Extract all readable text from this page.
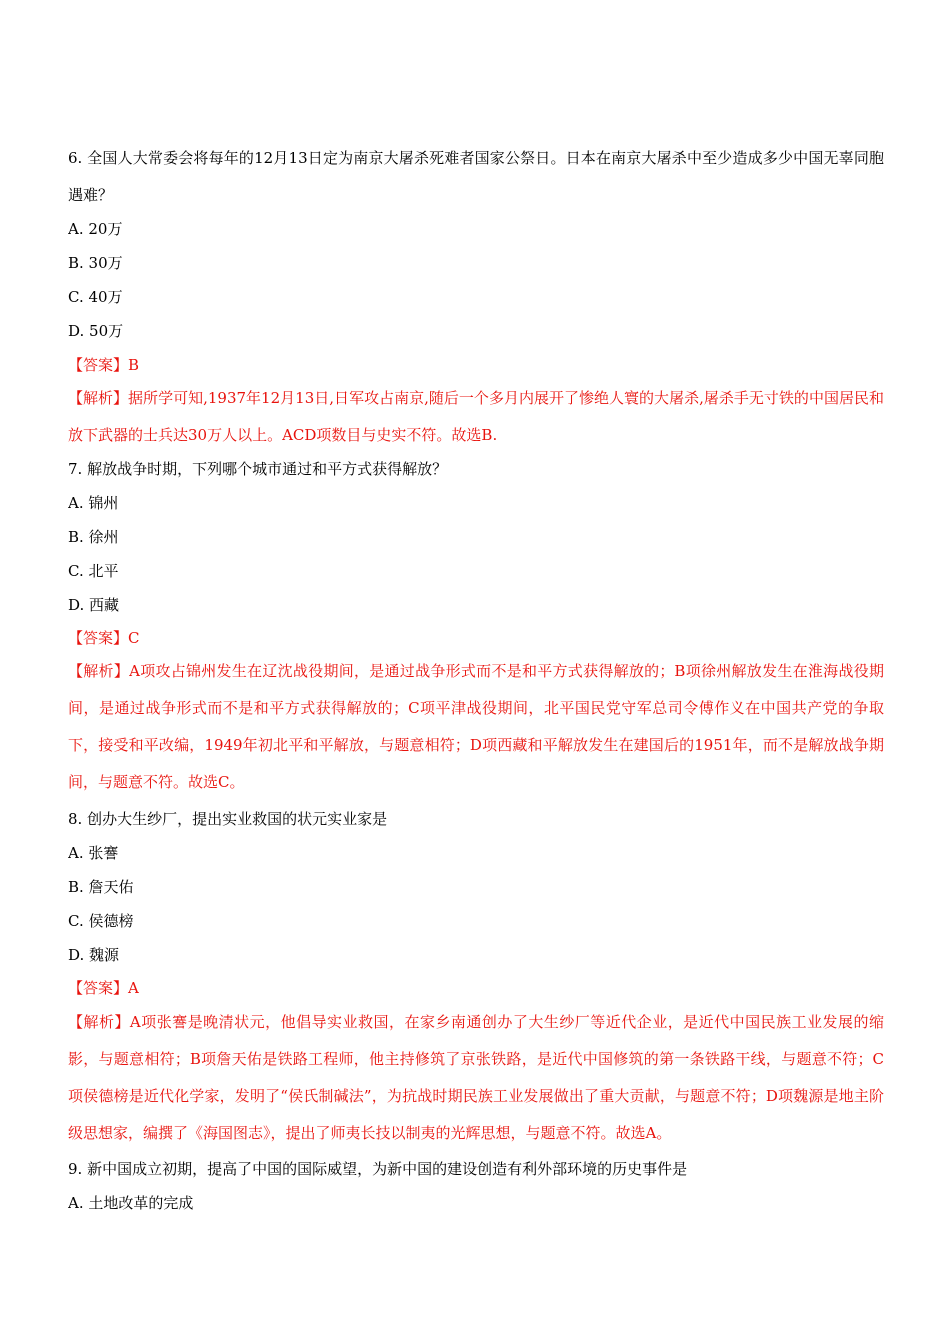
6. 全国人大常委会将每年的12月13日定为南京大屠杀死难者国家公祭日。日本在南京大屠杀中至少造成多少中国无辜同胞遇难？
A. 20万
B. 30万
C. 40万
D. 50万
【答案】B
【解析】据所学可知,1937年12月13日,日军攻占南京,随后一个多月内展开了惨绝人寰的大屠杀,屠杀手无寸铁的中国居民和放下武器的士兵达30万人以上。ACD项数目与史实不符。故选B.
7. 解放战争时期，下列哪个城市通过和平方式获得解放？
A. 锦州
B. 徐州
C. 北平
D. 西藏
【答案】C
【解析】A项攻占锦州发生在辽沈战役期间，是通过战争形式而不是和平方式获得解放的；B项徐州解放发生在淮海战役期间，是通过战争形式而不是和平方式获得解放的；C项平津战役期间，北平国民党守军总司令傅作义在中国共产党的争取下，接受和平改编，1949年初北平和平解放，与题意相符；D项西藏和平解放发生在建国后的1951年，而不是解放战争期间，与题意不符。故选C。
8. 创办大生纱厂，提出实业救国的状元实业家是
A. 张謇
B. 詹天佑
C. 侯德榜
D. 魏源
【答案】A
【解析】A项张謇是晚清状元，他倡导实业救国，在家乡南通创办了大生纱厂等近代企业，是近代中国民族工业发展的缩影，与题意相符；B项詹天佑是铁路工程师，他主持修筑了京张铁路，是近代中国修筑的第一条铁路干线，与题意不符；C项侯德榜是近代化学家，发明了“侯氏制碱法”，为抗战时期民族工业发展做出了重大贡献，与题意不符；D项魏源是地主阶级思想家，编撰了《海国图志》，提出了师夷长技以制夷的光辉思想，与题意不符。故选A。
9. 新中国成立初期，提高了中国的国际威望，为新中国的建设创造有利外部环境的历史事件是
A. 土地改革的完成
